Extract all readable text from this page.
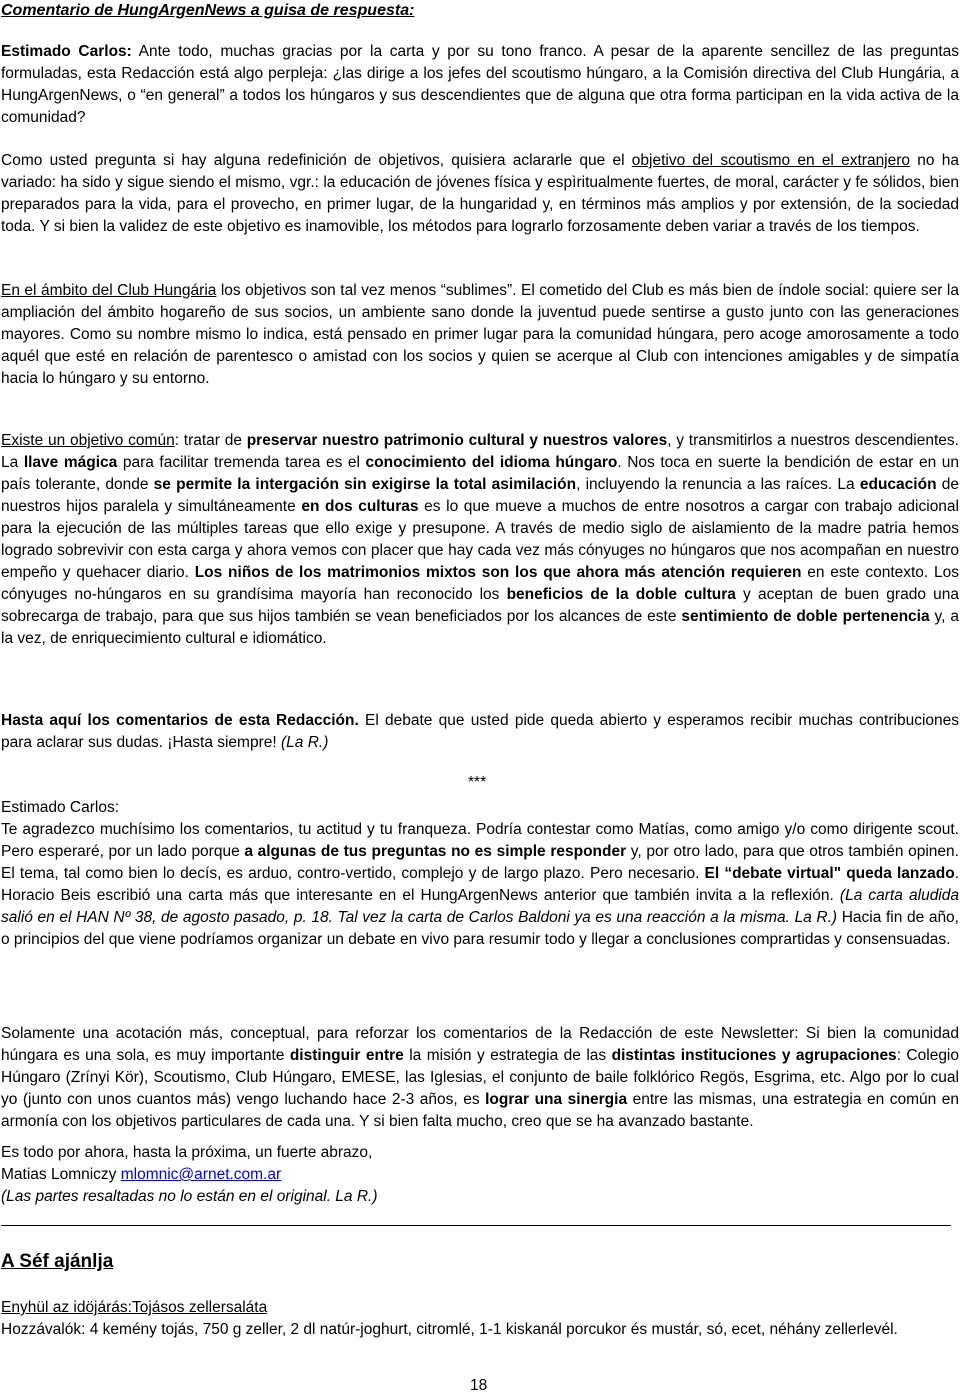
Comentario de HungArgenNews a guisa de respuesta:
Estimado Carlos: Ante todo, muchas gracias por la carta y por su tono franco. A pesar de la aparente sencillez de las preguntas formuladas, esta Redacción está algo perpleja: ¿las dirige a los jefes del scoutismo húngaro, a la Comisión directiva del Club Hungária, a HungArgenNews, o “en general” a todos los húngaros y sus descendientes que de alguna que otra forma participan en la vida activa de la comunidad?
Como usted pregunta si hay alguna redefinición de objetivos, quisiera aclararle que el objetivo del scoutismo en el extranjero no ha variado: ha sido y sigue siendo el mismo, vgr.: la educación de jóvenes física y espìritualmente fuertes, de moral, carácter y fe sólidos, bien preparados para la vida, para el provecho, en primer lugar, de la hungaridad y, en términos más amplios y por extensión, de la sociedad toda. Y si bien la validez de este objetivo es inamovible, los métodos para lograrlo forzosamente deben variar a través de los tiempos.
En el ámbito del Club Hungária los objetivos son tal vez menos “sublimes”. El cometido del Club es más bien de índole social: quiere ser la ampliación del ámbito hogareño de sus socios, un ambiente sano donde la juventud puede sentirse a gusto junto con las generaciones mayores. Como su nombre mismo lo indica, está pensado en primer lugar para la comunidad húngara, pero acoge amorosamente a todo aquél que esté en relación de parentesco o amistad con los socios y quien se acerque al Club con intenciones amigables y de simpatía hacia lo húngaro y su entorno.
Existe un objetivo común: tratar de preservar nuestro patrimonio cultural y nuestros valores, y transmitirlos a nuestros descendientes. La llave mágica para facilitar tremenda tarea es el conocimiento del idioma húngaro. Nos toca en suerte la bendición de estar en un país tolerante, donde se permite la intergación sin exigirse la total asimilación, incluyendo la renuncia a las raíces. La educación de nuestros hijos paralela y simultáneamente en dos culturas es lo que mueve a muchos de entre nosotros a cargar con trabajo adicional para la ejecución de las múltiples tareas que ello exige y presupone. A través de medio siglo de aislamiento de la madre patria hemos logrado sobrevivir con esta carga y ahora vemos con placer que hay cada vez más cónyuges no húngaros que nos acompañan en nuestro empeño y quehacer diario. Los niños de los matrimonios mixtos son los que ahora más atención requieren en este contexto. Los cónyuges no-húngaros en su grandísima mayoría han reconocido los beneficios de la doble cultura y aceptan de buen grado una sobrecarga de trabajo, para que sus hijos también se vean beneficiados por los alcances de este sentimiento de doble pertenencia y, a la vez, de enriquecimiento cultural e idiomático.
Hasta aquí los comentarios de esta Redacción. El debate que usted pide queda abierto y esperamos recibir muchas contribuciones para aclarar sus dudas. ¡Hasta siempre! (La R.)
***
Estimado Carlos:
Te agradezco muchísimo los comentarios, tu actitud y tu franqueza. Podría contestar como Matías, como amigo y/o como dirigente scout. Pero esperaré, por un lado porque a algunas de tus preguntas no es simple responder y, por otro lado, para que otros también opinen. El tema, tal como bien lo decís, es arduo, contro-vertido, complejo y de largo plazo. Pero necesario. El “debate virtual" queda lanzado. Horacio Beis escribió una carta más que interesante en el HungArgenNews anterior que también invita a la reflexión. (La carta aludida salió en el HAN Nº 38, de agosto pasado, p. 18. Tal vez la carta de Carlos Baldoni ya es una reacción a la misma. La R.) Hacia fin de año, o principios del que viene podríamos organizar un debate en vivo para resumir todo y llegar a conclusiones comprartidas y consensuadas.
Solamente una acotación más, conceptual, para reforzar los comentarios de la Redacción de este Newsletter: Si bien la comunidad húngara es una sola, es muy importante distinguir entre la misión y estrategia de las distintas instituciones y agrupaciones: Colegio Húngaro (Zrínyi Kör), Scoutismo, Club Húngaro, EMESE, las Iglesias, el conjunto de baile folklórico Regös, Esgrima, etc. Algo por lo cual yo (junto con unos cuantos más) vengo luchando hace 2-3 años, es lograr una sinergia entre las mismas, una estrategia en común en armonía con los objetivos particulares de cada una. Y si bien falta mucho, creo que se ha avanzado bastante.
Es todo por ahora, hasta la próxima, un fuerte abrazo,
Matias Lomniczy mlomnic@arnet.com.ar
(Las partes resaltadas no lo están en el original. La R.)
A Séf ajánlja
Enyhül az idöjárás:Tojásos zellersaláta
Hozzávalók: 4 kemény tojás, 750 g zeller, 2 dl natúr-joghurt, citromlé, 1-1 kiskanál porcukor és mustár, só, ecet, néhány zellerlevél.
18
